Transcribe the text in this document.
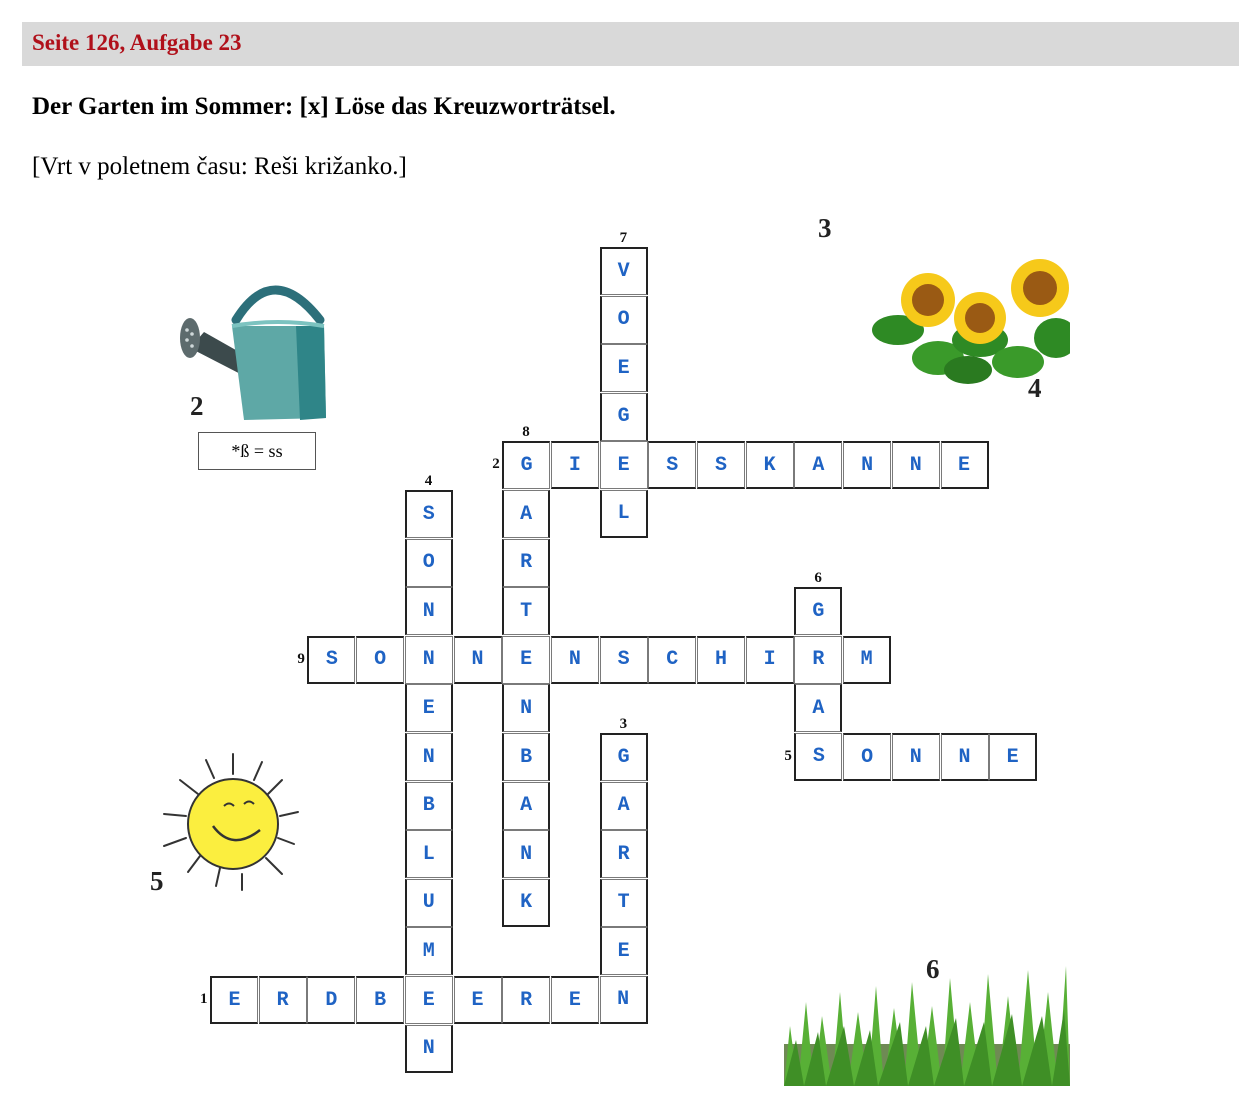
Seite 126, Aufgabe 23
Der Garten im Sommer: [x] Löse das Kreuzworträtsel.
[Vrt v poletnem času: Reši križanko.]
2
*ß = ss
3
4
5
6
E	R	D	B	E	E	R	E	N
G	I	E	S	S	K	A	N	N	E
G
A
R
T
E
S
O
N
N
E
N
B
L
U
M
N
S	O	N	N	E
G
R
A
V
O
E
G
L
A
R
T
E
N
B
A
N
K
S	O	N	N	S	C	H	I	M
1
2
3
4
5
6
7
8
9
